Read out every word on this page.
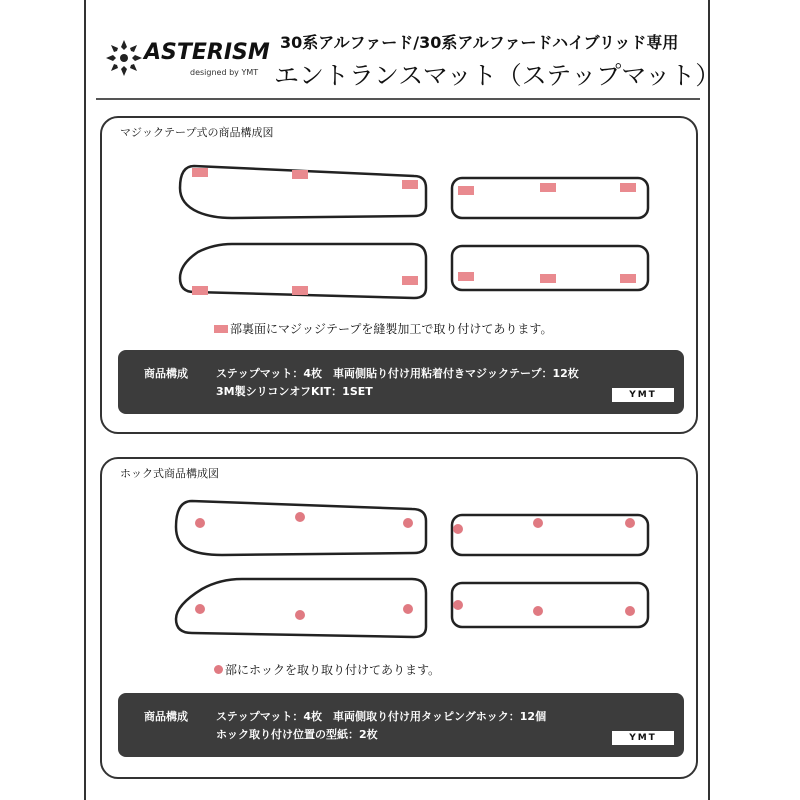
ASTERISM
designed by YMT
30系アルファード/30系アルファードハイブリッド専用
エントランスマット（ステップマット）
マジックテープ式の商品構成図
部裏面にマジッジテープを縫製加工で取り付けてあります。
商品構成	ステップマット：4枚　車両側貼り付け用粘着付きマジックテープ：12枚
3M製シリコンオフKIT：1SET	YMT
ホック式商品構成図
部にホックを取り取り付けてあります。
商品構成	ステップマット：4枚　車両側取り付け用タッピングホック：12個
ホック取り付け位置の型紙：2枚	YMT
